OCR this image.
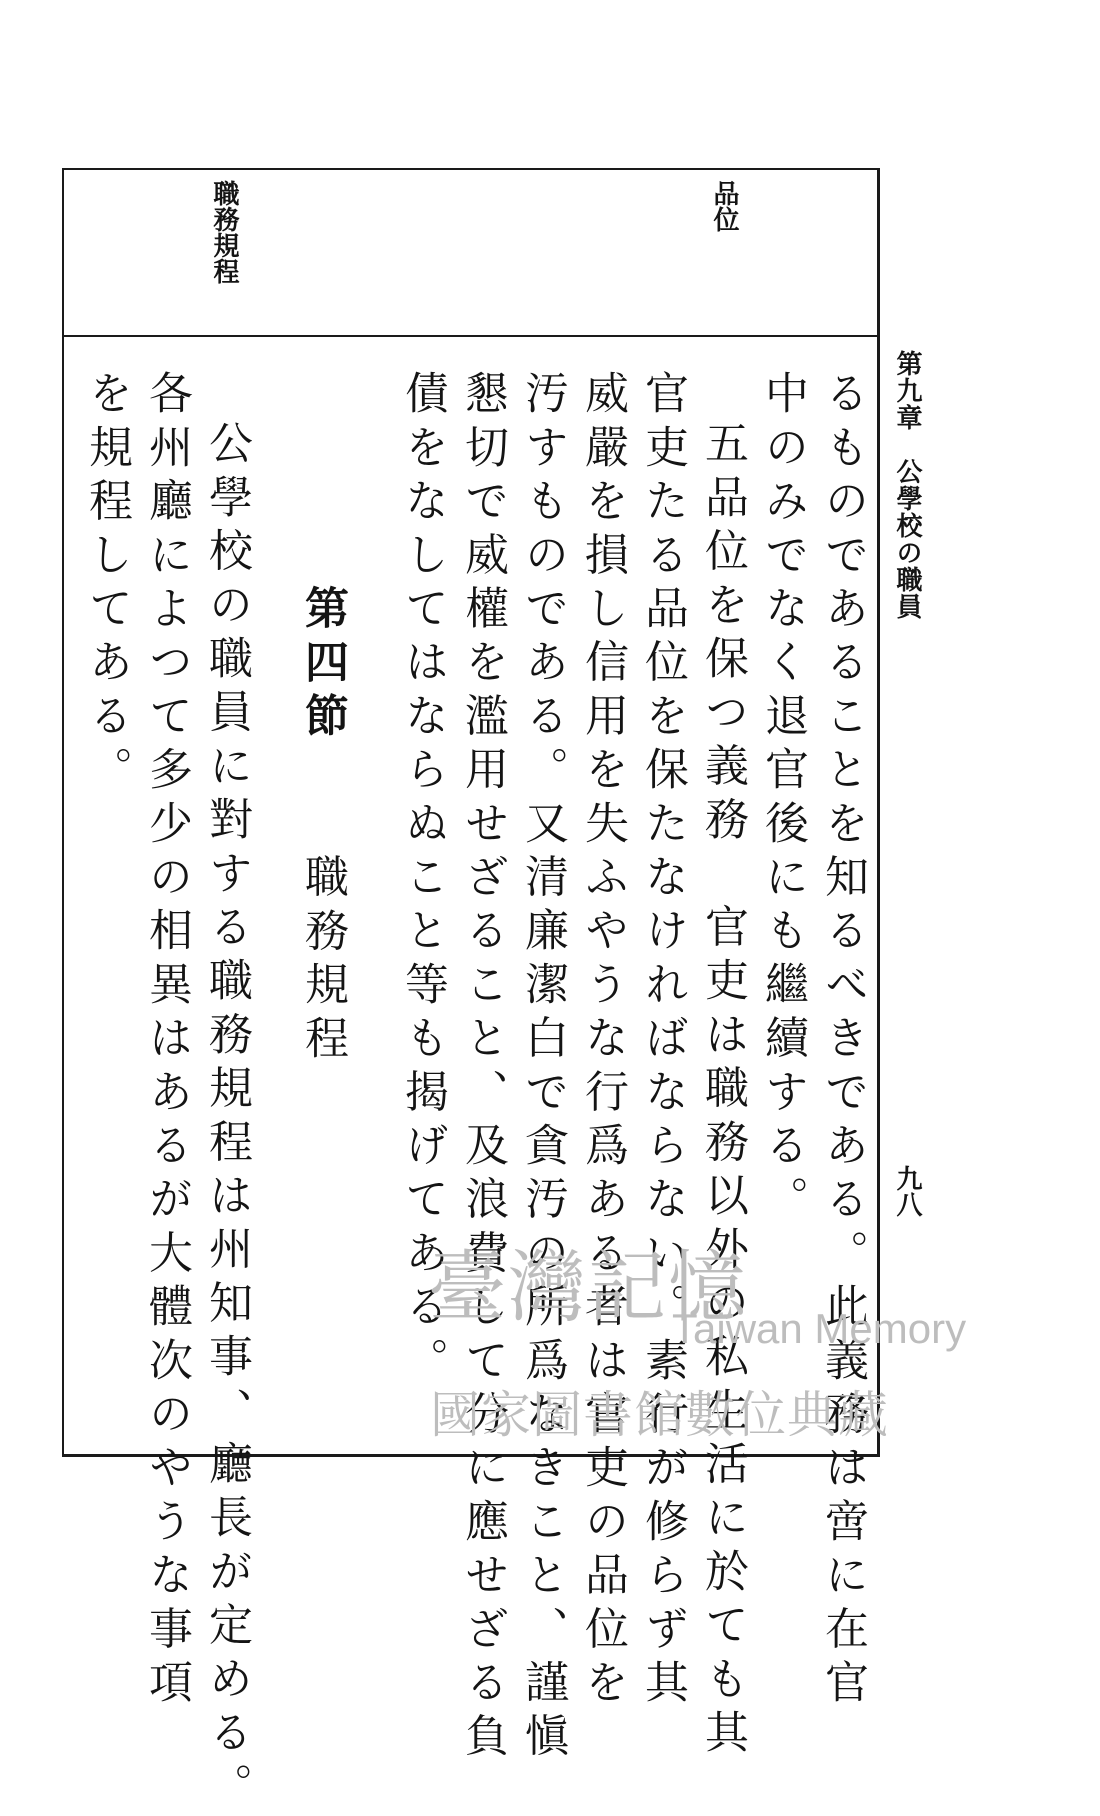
品位
職務規程
第九章　公學校の職員
九八
るものであることを知るべきである。此義務は啻に在官
中のみでなく退官後にも繼續する。
五品位を保つ義務　官吏は職務以外の私生活に於ても其
官吏たる品位を保たなければならない。素行が修らず其
威嚴を損し信用を失ふやうな行爲ある者は官吏の品位を
汚すものである。又清廉潔白で貪汚の所爲なきこと、謹愼
懇切で威權を濫用せざること、及浪費して分に應せざる負
債をなしてはならぬこと等も揭げてある。
第四節　　職務規程
公學校の職員に對する職務規程は州知事、廳長が定める。
各州廳によつて多少の相異はあるが大體次のやうな事項
を規程してある。
臺灣記憶
Taiwan Memory
國家圖書館數位典藏
